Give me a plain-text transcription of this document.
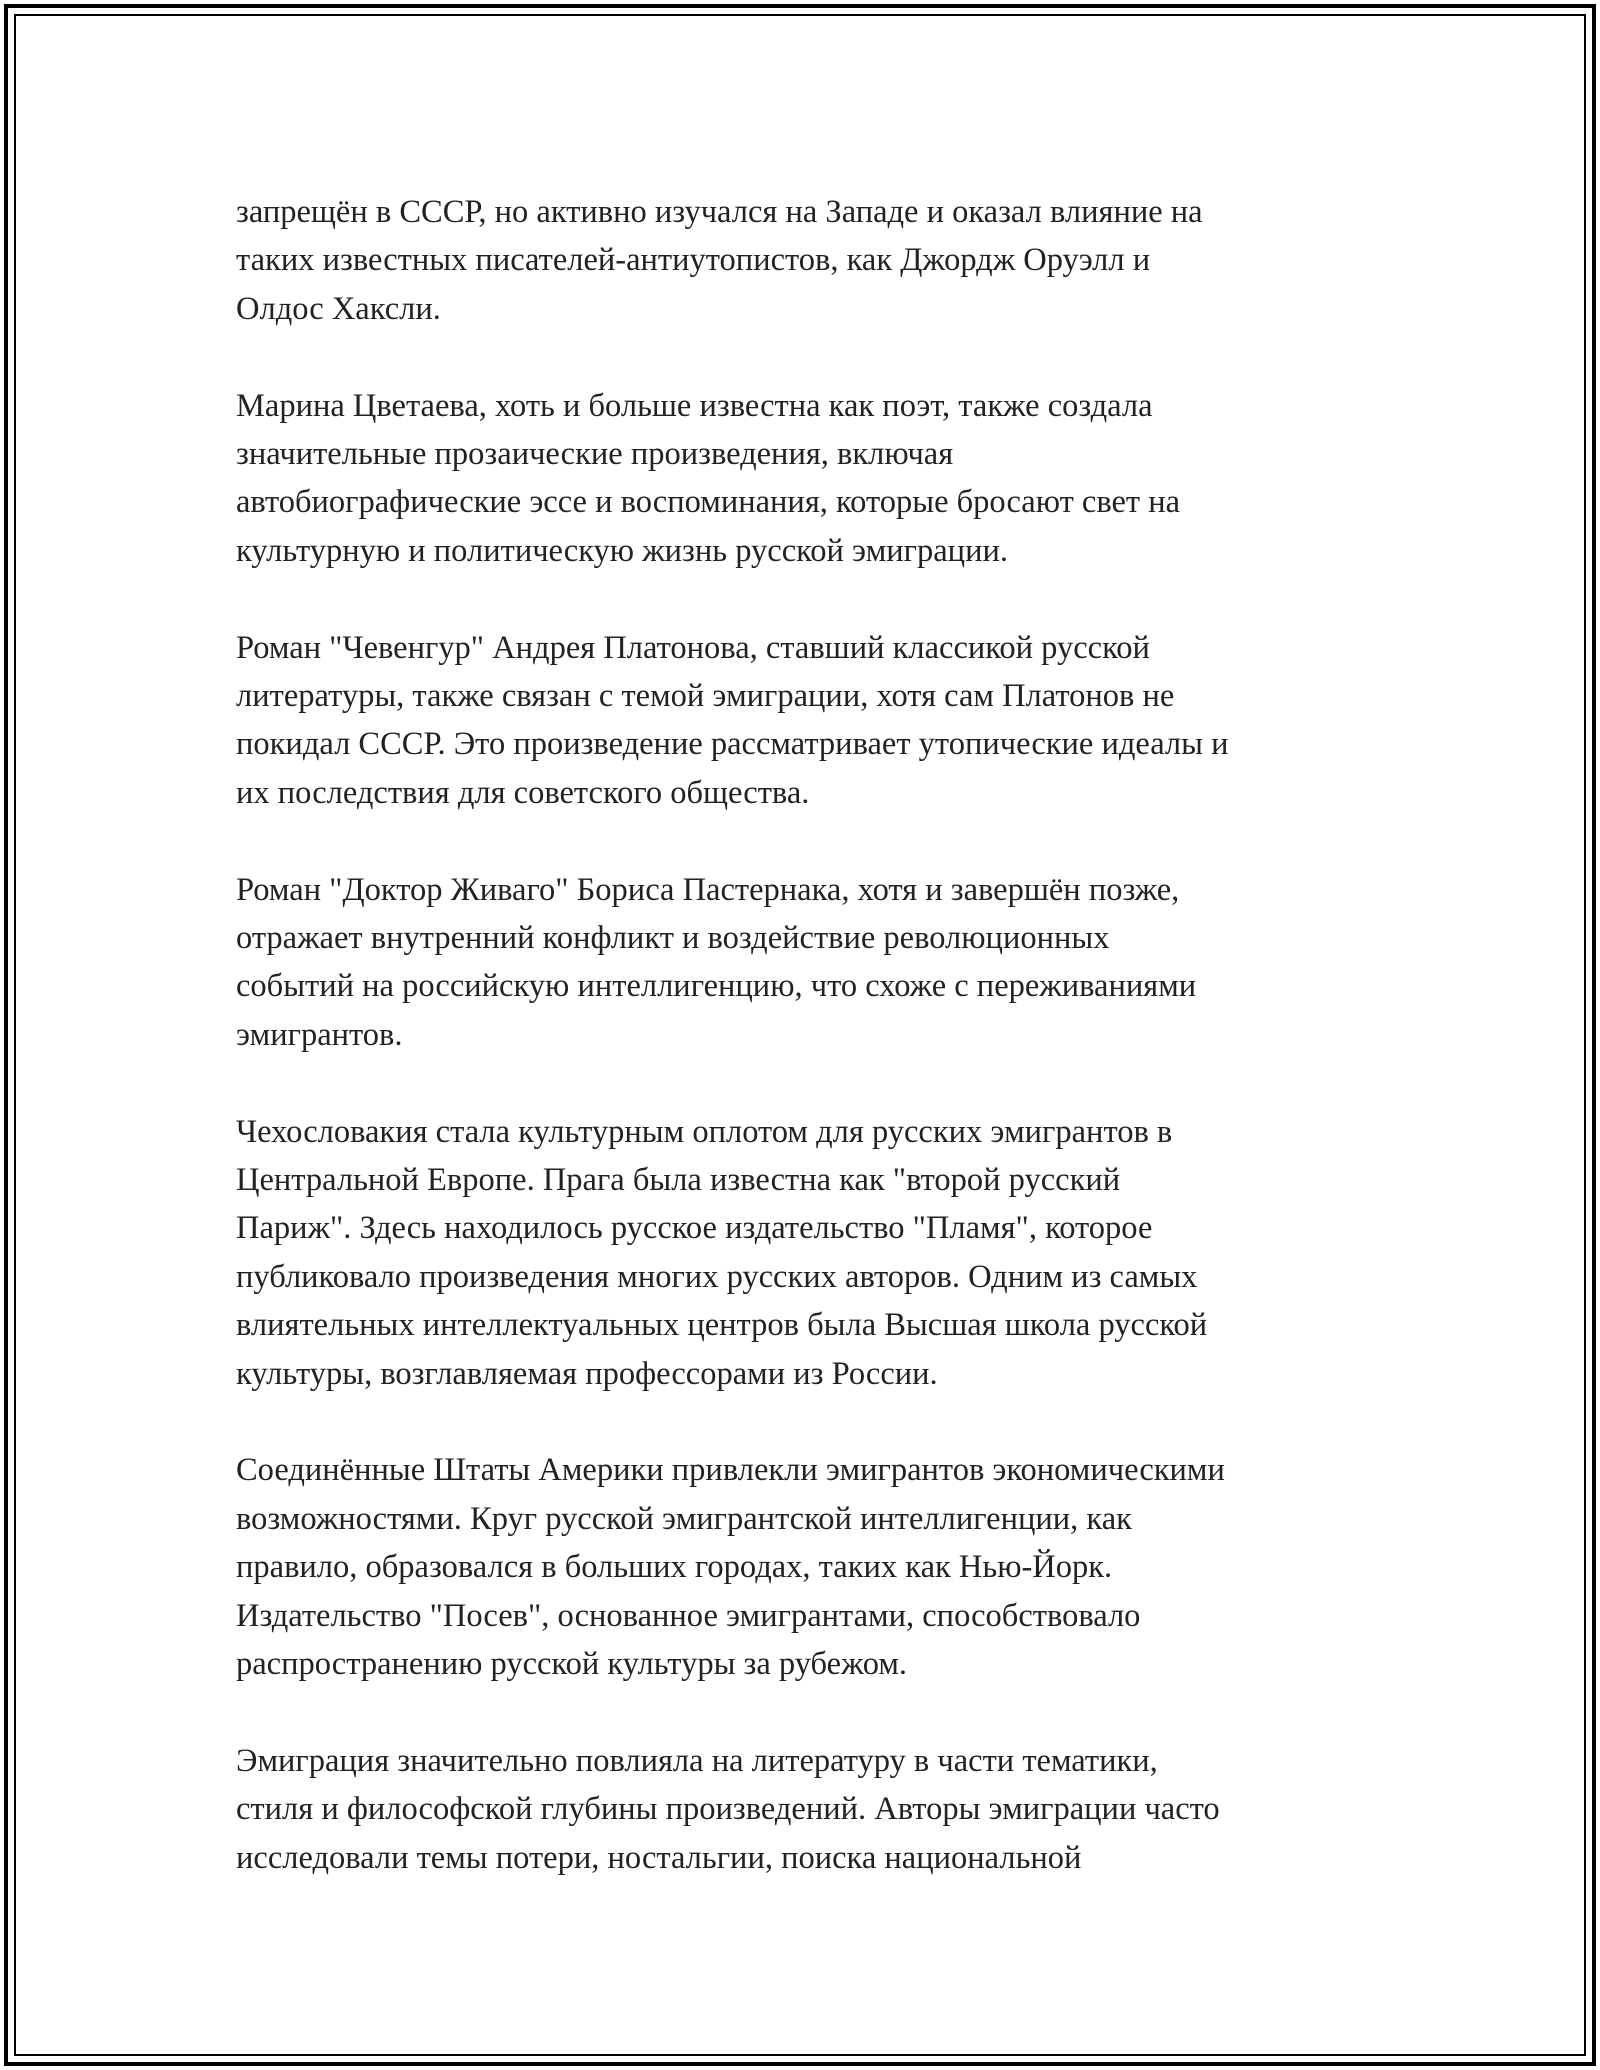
запрещён в СССР, но активно изучался на Западе и оказал влияние на
таких известных писателей-антиутопистов, как Джордж Оруэлл и
Олдос Хаксли.

Марина Цветаева, хоть и больше известна как поэт, также создала
значительные прозаические произведения, включая
автобиографические эссе и воспоминания, которые бросают свет на
культурную и политическую жизнь русской эмиграции.

Роман "Чевенгур" Андрея Платонова, ставший классикой русской
литературы, также связан с темой эмиграции, хотя сам Платонов не
покидал СССР. Это произведение рассматривает утопические идеалы и
их последствия для советского общества.

Роман "Доктор Живаго" Бориса Пастернака, хотя и завершён позже,
отражает внутренний конфликт и воздействие революционных
событий на российскую интеллигенцию, что схоже с переживаниями
эмигрантов.

Чехословакия стала культурным оплотом для русских эмигрантов в
Центральной Европе. Прага была известна как "второй русский
Париж". Здесь находилось русское издательство "Пламя", которое
публиковало произведения многих русских авторов. Одним из самых
влиятельных интеллектуальных центров была Высшая школа русской
культуры, возглавляемая профессорами из России.

Соединённые Штаты Америки привлекли эмигрантов экономическими
возможностями. Круг русской эмигрантской интеллигенции, как
правило, образовался в больших городах, таких как Нью-Йорк.
Издательство "Посев", основанное эмигрантами, способствовало
распространению русской культуры за рубежом.

Эмиграция значительно повлияла на литературу в части тематики,
стиля и философской глубины произведений. Авторы эмиграции часто
исследовали темы потери, ностальгии, поиска национальной
